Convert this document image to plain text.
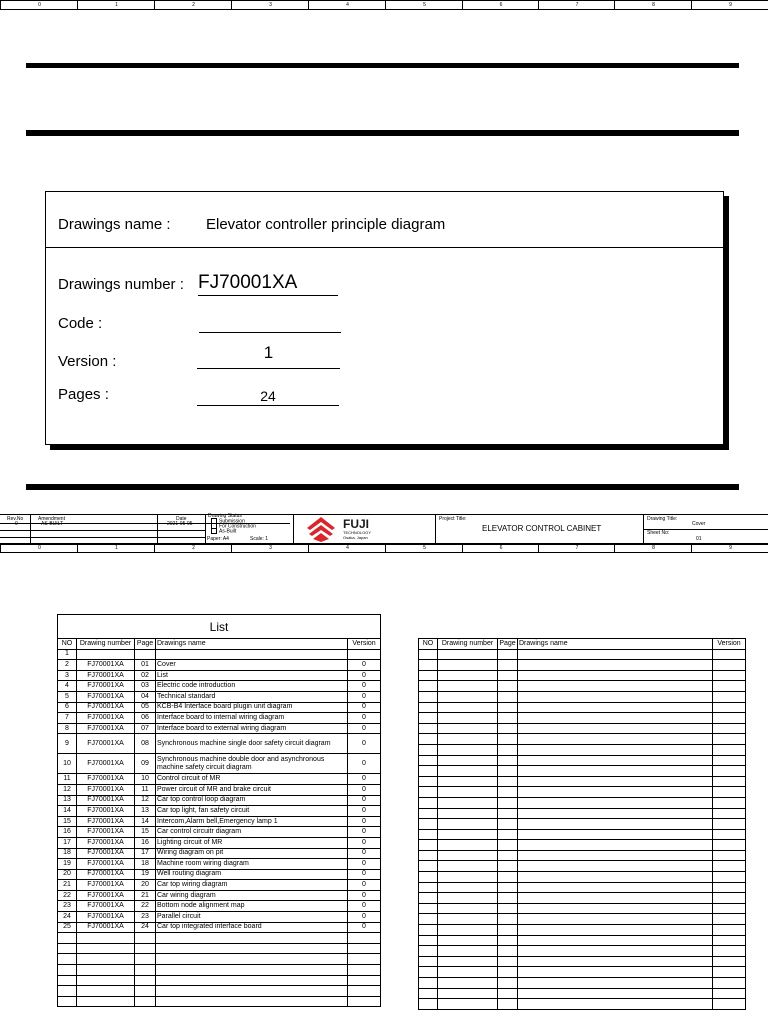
0	1	2	3	4	5	6	7	8	9
Drawings name : Elevator controller principle diagram
Drawings number : FJ70001XA
Code :
Version :	1
Pages :	24
Rev.No
0
Amendment
AS-BUILT
Date
2021-05-05
Drawing Status
Submission
For Construction
As-Built
Paper: A4	Scale: 1
FUJI
TECHNOLOGY
Osaka, Japan
Project Title:
ELEVATOR CONTROL CABINET
Drawing Title:
Cover
Sheet No:
01
0	1	2	3	4	5	6	7	8	9
List
NO	Drawing number	Page	Drawings name	Version
1				
2	FJ70001XA	01	Cover	0
3	FJ70001XA	02	List	0
4	FJ70001XA	03	Electric code introduction	0
5	FJ70001XA	04	Technical standard	0
6	FJ70001XA	05	KCB-B4 Interface board plugin unit diagram	0
7	FJ70001XA	06	Interface board to internal wiring diagram	0
8	FJ70001XA	07	Interface board to external wiring diagram	0
9	FJ70001XA	08	Synchronous machine single door safety circuit diagram	0
10	FJ70001XA	09	Synchronous machine double door and asynchronous machine safety circuit diagram	0
11	FJ70001XA	10	Control circuit of MR	0
12	FJ70001XA	11	Power circuit of MR and brake circuit	0
13	FJ70001XA	12	Car top control loop diagram	0
14	FJ70001XA	13	Car top light, fan safety circuit	0
15	FJ70001XA	14	Intercom,Alarm bell,Emergency lamp 1	0
16	FJ70001XA	15	Car control circuitr diagram	0
17	FJ70001XA	16	Lighting circuit of MR	0
18	FJ70001XA	17	Wiring diagram on pit	0
19	FJ70001XA	18	Machine room wiring diagram	0
20	FJ70001XA	19	Well routing diagram	0
21	FJ70001XA	20	Car top wiring diagram	0
22	FJ70001XA	21	Car wiring diagram	0
23	FJ70001XA	22	Bottom node alignment map	0
24	FJ70001XA	23	Parallel circuit	0
25	FJ70001XA	24	Car top integrated interface board	0

NO	Drawing number	Page	Drawings name	Version
